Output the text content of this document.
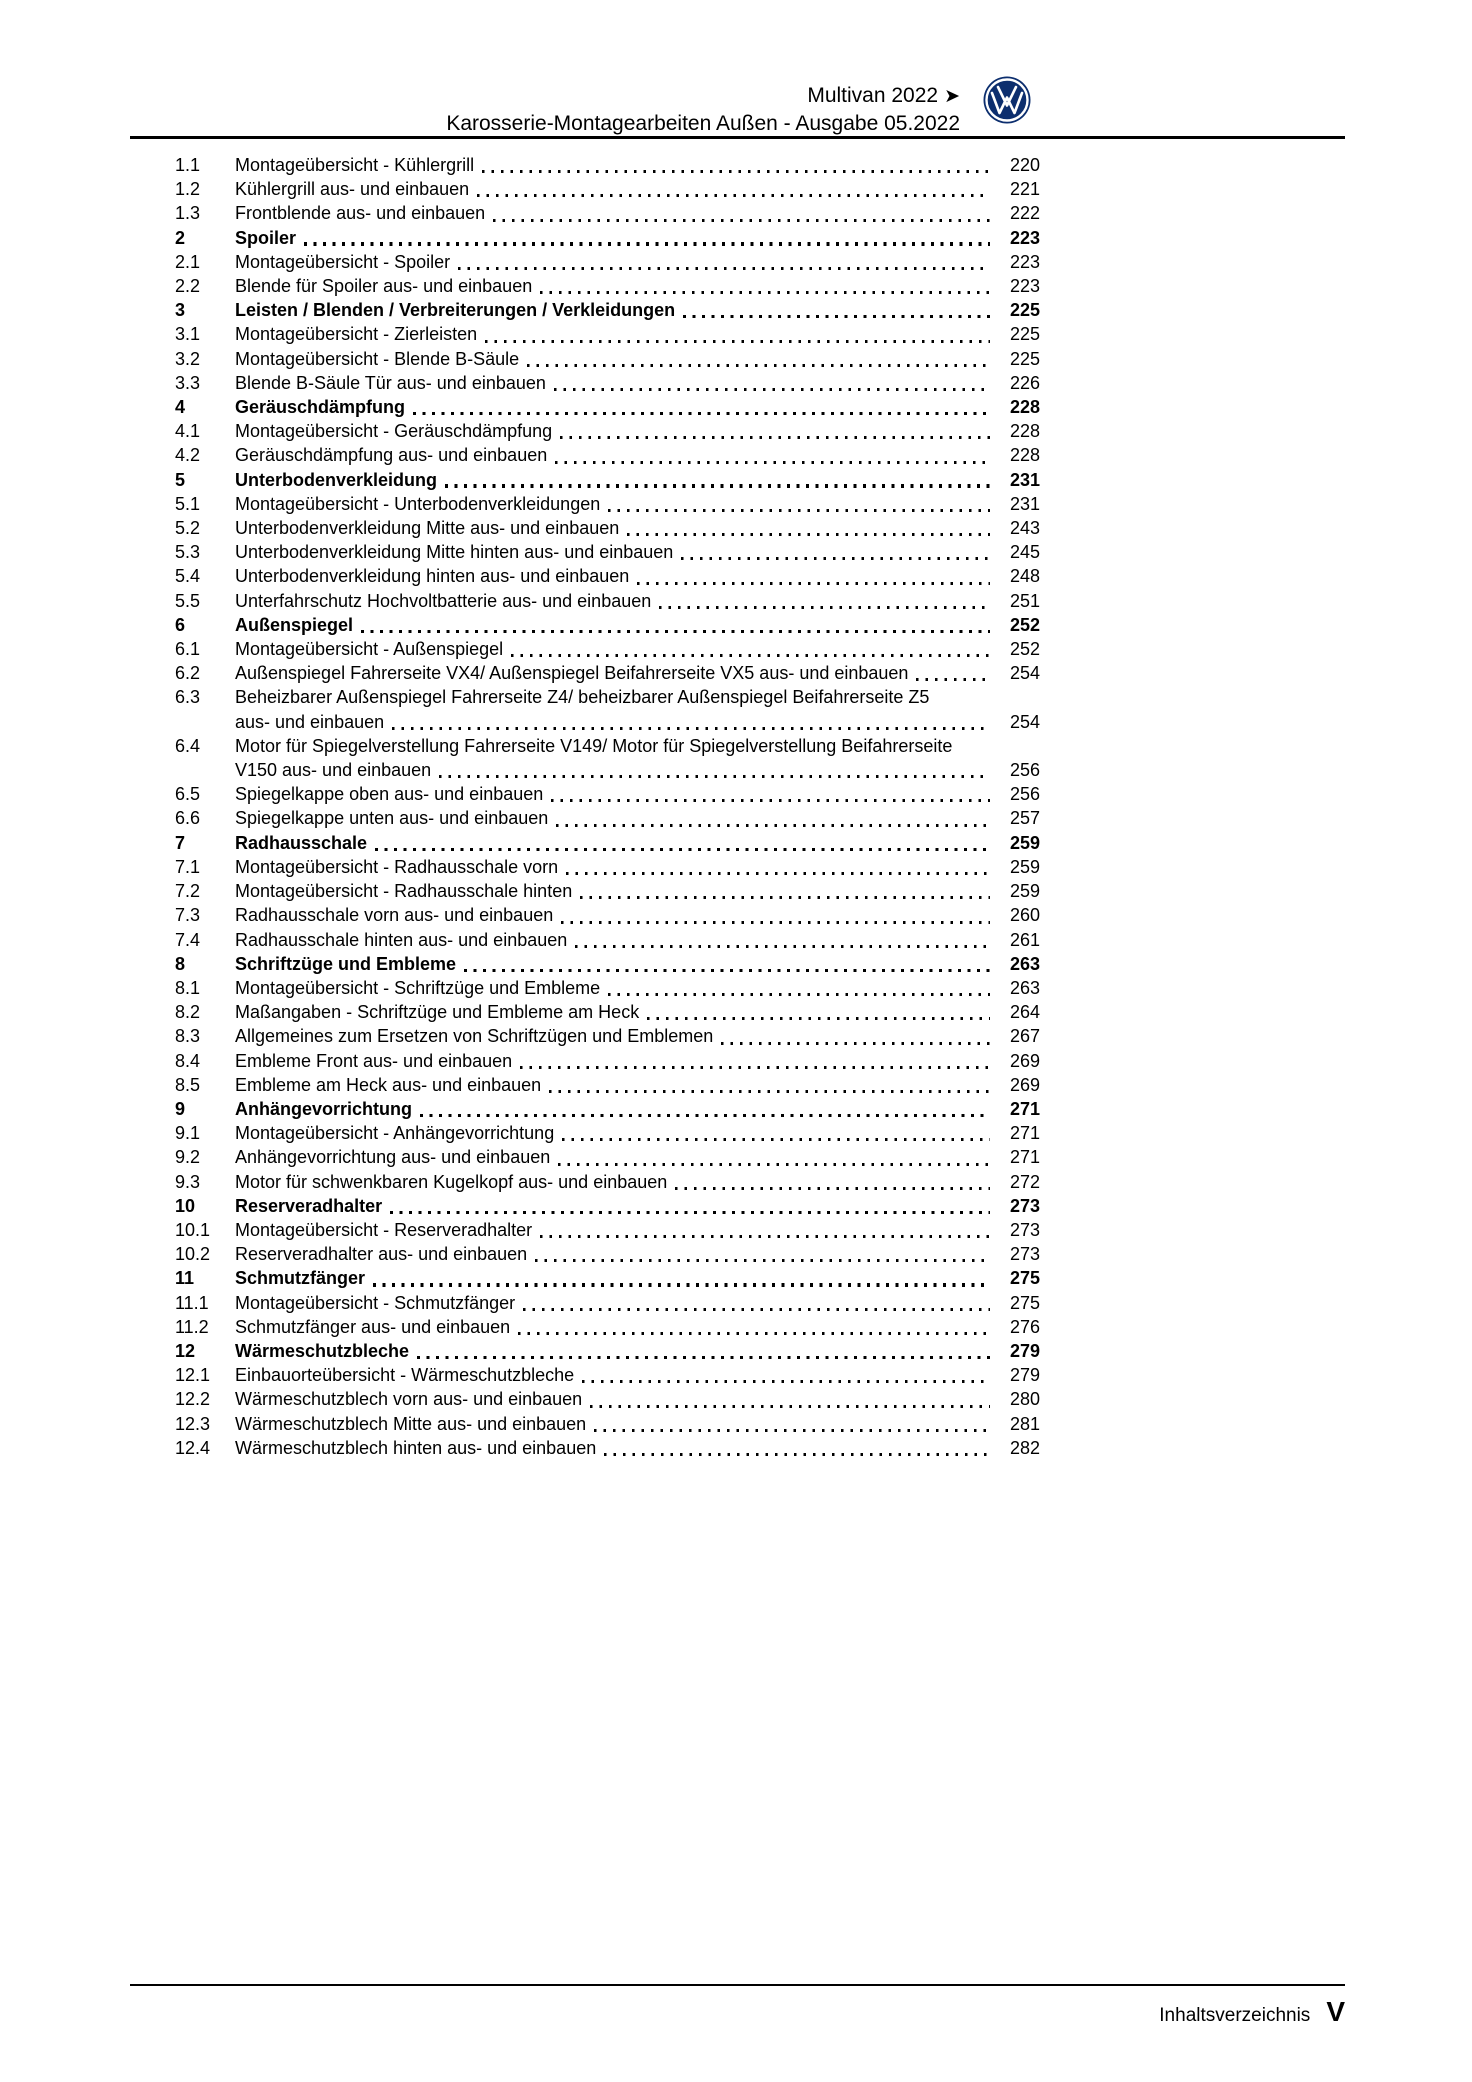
Multivan 2022 ➤
Karosserie-Montagearbeiten Außen - Ausgabe 05.2022
1.1	Montageübersicht - Kühlergrill	220
1.2	Kühlergrill aus- und einbauen	221
1.3	Frontblende aus- und einbauen	222
2	Spoiler	223
2.1	Montageübersicht - Spoiler	223
2.2	Blende für Spoiler aus- und einbauen	223
3	Leisten / Blenden / Verbreiterungen / Verkleidungen	225
3.1	Montageübersicht - Zierleisten	225
3.2	Montageübersicht - Blende B-Säule	225
3.3	Blende B-Säule Tür aus- und einbauen	226
4	Geräuschdämpfung	228
4.1	Montageübersicht - Geräuschdämpfung	228
4.2	Geräuschdämpfung aus- und einbauen	228
5	Unterbodenverkleidung	231
5.1	Montageübersicht - Unterbodenverkleidungen	231
5.2	Unterbodenverkleidung Mitte aus- und einbauen	243
5.3	Unterbodenverkleidung Mitte hinten aus- und einbauen	245
5.4	Unterbodenverkleidung hinten aus- und einbauen	248
5.5	Unterfahrschutz Hochvoltbatterie aus- und einbauen	251
6	Außenspiegel	252
6.1	Montageübersicht - Außenspiegel	252
6.2	Außenspiegel Fahrerseite VX4/ Außenspiegel Beifahrerseite VX5 aus- und einbauen	254
6.3	Beheizbarer Außenspiegel Fahrerseite Z4/ beheizbarer Außenspiegel Beifahrerseite Z5
aus- und einbauen	254
6.4	Motor für Spiegelverstellung Fahrerseite V149/ Motor für Spiegelverstellung Beifahrerseite
V150 aus- und einbauen	256
6.5	Spiegelkappe oben aus- und einbauen	256
6.6	Spiegelkappe unten aus- und einbauen	257
7	Radhausschale	259
7.1	Montageübersicht - Radhausschale vorn	259
7.2	Montageübersicht - Radhausschale hinten	259
7.3	Radhausschale vorn aus- und einbauen	260
7.4	Radhausschale hinten aus- und einbauen	261
8	Schriftzüge und Embleme	263
8.1	Montageübersicht - Schriftzüge und Embleme	263
8.2	Maßangaben - Schriftzüge und Embleme am Heck	264
8.3	Allgemeines zum Ersetzen von Schriftzügen und Emblemen	267
8.4	Embleme Front aus- und einbauen	269
8.5	Embleme am Heck aus- und einbauen	269
9	Anhängevorrichtung	271
9.1	Montageübersicht - Anhängevorrichtung	271
9.2	Anhängevorrichtung aus- und einbauen	271
9.3	Motor für schwenkbaren Kugelkopf aus- und einbauen	272
10	Reserveradhalter	273
10.1	Montageübersicht - Reserveradhalter	273
10.2	Reserveradhalter aus- und einbauen	273
11	Schmutzfänger	275
11.1	Montageübersicht - Schmutzfänger	275
11.2	Schmutzfänger aus- und einbauen	276
12	Wärmeschutzbleche	279
12.1	Einbauorteübersicht - Wärmeschutzbleche	279
12.2	Wärmeschutzblech vorn aus- und einbauen	280
12.3	Wärmeschutzblech Mitte aus- und einbauen	281
12.4	Wärmeschutzblech hinten aus- und einbauen	282
Inhaltsverzeichnis V
